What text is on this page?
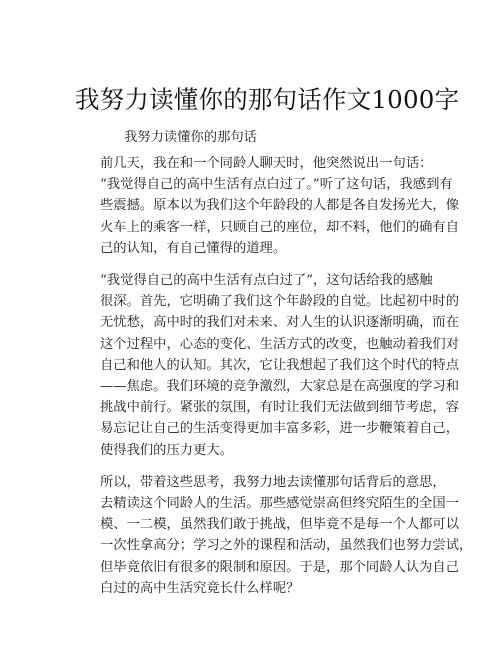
我努力读懂你的那句话作文1000字
我努力读懂你的那句话

前几天，我在和一个同龄人聊天时，他突然说出一句话：
“我觉得自己的高中生活有点白过了。”听了这句话，我感到有
些震撼。原本以为我们这个年龄段的人都是各自发扬光大，像
火车上的乘客一样，只顾自己的座位，却不料，他们的确有自
己的认知，有自己懂得的道理。

“我觉得自己的高中生活有点白过了”，这句话给我的感触
很深。首先，它明确了我们这个年龄段的自觉。比起初中时的
无忧愁，高中时的我们对未来、对人生的认识逐渐明确，而在
这个过程中，心态的变化、生活方式的改变，也触动着我们对
自己和他人的认知。其次，它让我想起了我们这个时代的特点
——焦虑。我们环境的竞争激烈，大家总是在高强度的学习和
挑战中前行。紧张的氛围，有时让我们无法做到细节考虑，容
易忘记让自己的生活变得更加丰富多彩，进一步鞭策着自己，
使得我们的压力更大。

所以，带着这些思考，我努力地去读懂那句话背后的意思，
去精读这个同龄人的生活。那些感觉崇高但终究陌生的全国一
模、一二模，虽然我们敢于挑战，但毕竟不是每一个人都可以
一次性拿高分；学习之外的课程和活动，虽然我们也努力尝试，
但毕竟依旧有很多的限制和原因。于是，那个同龄人认为自己
白过的高中生活究竟长什么样呢？
